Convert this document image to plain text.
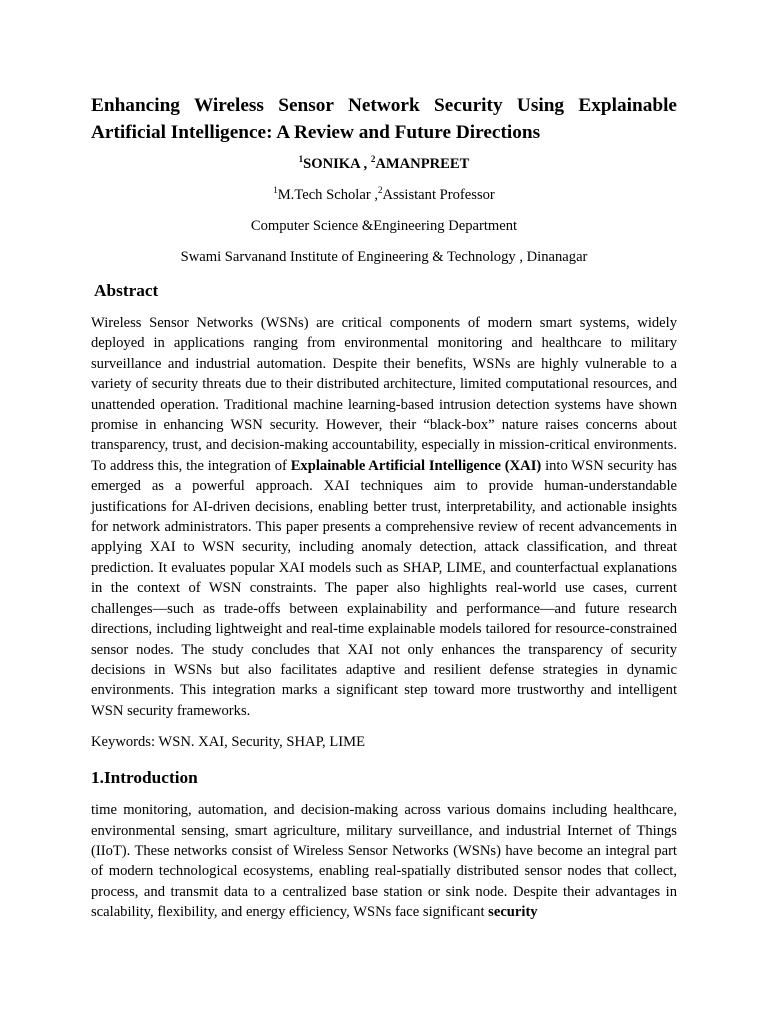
Enhancing Wireless Sensor Network Security Using Explainable Artificial Intelligence: A Review and Future Directions

$^1$SONIKA , $^2$AMANPREET

$^1$M.Tech Scholar ,$^2$Assistant Professor

Computer Science &Engineering Department

Swami Sarvanand Institute of Engineering & Technology , Dinanagar

Abstract

Wireless Sensor Networks (WSNs) are critical components of modern smart systems, widely deployed in applications ranging from environmental monitoring and healthcare to military surveillance and industrial automation. Despite their benefits, WSNs are highly vulnerable to a variety of security threats due to their distributed architecture, limited computational resources, and unattended operation. Traditional machine learning-based intrusion detection systems have shown promise in enhancing WSN security. However, their “black-box” nature raises concerns about transparency, trust, and decision-making accountability, especially in mission-critical environments. To address this, the integration of Explainable Artificial Intelligence (XAI) into WSN security has emerged as a powerful approach. XAI techniques aim to provide human-understandable justifications for AI-driven decisions, enabling better trust, interpretability, and actionable insights for network administrators. This paper presents a comprehensive review of recent advancements in applying XAI to WSN security, including anomaly detection, attack classification, and threat prediction. It evaluates popular XAI models such as SHAP, LIME, and counterfactual explanations in the context of WSN constraints. The paper also highlights real-world use cases, current challenges—such as trade-offs between explainability and performance—and future research directions, including lightweight and real-time explainable models tailored for resource-constrained sensor nodes. The study concludes that XAI not only enhances the transparency of security decisions in WSNs but also facilitates adaptive and resilient defense strategies in dynamic environments. This integration marks a significant step toward more trustworthy and intelligent WSN security frameworks.

Keywords: WSN. XAI, Security, SHAP, LIME

1.Introduction

time monitoring, automation, and decision-making across various domains including healthcare, environmental sensing, smart agriculture, military surveillance, and industrial Internet of Things (IIoT). These networks consist of Wireless Sensor Networks (WSNs) have become an integral part of modern technological ecosystems, enabling real-spatially distributed sensor nodes that collect, process, and transmit data to a centralized base station or sink node. Despite their advantages in scalability, flexibility, and energy efficiency, WSNs face significant security
